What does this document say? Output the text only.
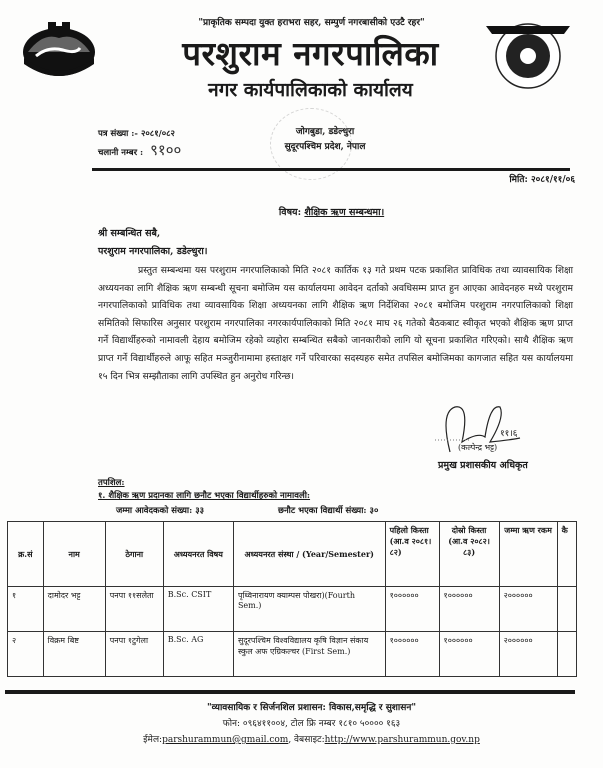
"प्राकृतिक सम्पदा युक्त हराभरा सहर, सम्पुर्ण नगरबासीको एउटै रहर"
परशुराम नगरपालिका
नगर कार्यपालिकाको कार्यालय
पत्र संख्या :- २०८१/०८२
चलानी नम्बर : ९१००
जोगबुडा, डडेल्धुरा
सुदूरपश्चिम प्रदेश, नेपाल
मिति: २०८१/११/०६
विषय: शैक्षिक ऋण सम्बन्धमा।
श्री सम्बन्धित सबै,
परशुराम नगरपालिका, डडेल्धुरा।
प्रस्तुत सम्बन्धमा यस परशुराम नगरपालिकाको मिति २०८१ कार्तिक १३ गते प्रथम पटक प्रकाशित प्राविधिक तथा व्यावसायिक शिक्षा अध्ययनका लागि शैक्षिक ऋण सम्बन्धी सूचना बमोजिम यस कार्यालयमा आवेदन दर्ताको अवधिसम्म प्राप्त हुन आएका आवेदनहरु मध्ये परशुराम नगरपालिकाको प्राविधिक तथा व्यावसायिक शिक्षा अध्ययनका लागि शैक्षिक ऋण निर्देशिका २०८१ बमोजिम परशुराम नगरपालिकाको शिक्षा समितिको सिफारिस अनुसार परशुराम नगरपालिका नगरकार्यपालिकाको मिति २०८१ माघ २६ गतेको बैठकबाट स्वीकृत भएको शैक्षिक ऋण प्राप्त गर्ने विद्यार्थीहरुको नामावली देहाय बमोजिम रहेको व्यहोरा सम्बन्धित सबैको जानकारीको लागि यो सूचना प्रकाशित गरिएको। साथै शैक्षिक ऋण प्राप्त गर्ने विद्यार्थीहरुले आफू सहित मञ्जुरीनामामा हस्ताक्षर गर्ने परिवारका सदस्यहरु समेत तपसिल बमोजिमका कागजात सहित यस कार्यालयमा १५ दिन भित्र सम्झौताका लागि उपस्थित हुन अनुरोध गरिन्छ।
११।६
(कल्पेन्द्र भट्ट)
प्रमुख प्रशासकीय अधिकृत
तपशिल:
१. शैक्षिक ऋण प्रदानका लागि छनौट भएका विद्यार्थीहरुको नामावली:
जम्मा आवेदकको संख्या: ३३	छनौट भएका विद्यार्थी संख्या: ३०
क्र.सं	नाम	ठेगाना	अध्ययनरत विषय	अध्ययनरत संस्था / (Year/Semester)	पहिलो किस्ता (आ.व २०८१।८२)	दोस्रो किस्ता (आ.व २०८२।८३)	जम्मा ऋण रकम	कै
१	दामोदर भट्ट	पनपा ११सलेता	B.Sc. CSIT	पृथ्विनारायण क्याम्पस पोखरा)(Fourth Sem.)	१००००००	१००००००	२००००००	
२	विक्रम बिष्ट	पनपा १टुगेला	B.Sc. AG	सुदूरपश्चिम विश्वविद्यालय कृषि विज्ञान संकाय स्कुल अफ एग्रिकल्चर (First Sem.)	१००००००	१००००००	२००००००	
"व्यावसायिक र सिर्जनशिल प्रशासन: विकास,समृद्धि र सुशासन"
फोन: ०९६४११००४, टोल फ्रि नम्बर १८१० ५०००० १६३
ईमेल:parshurammun@gmail.com, वेबसाइट:http://www.parshurammun.gov.np
